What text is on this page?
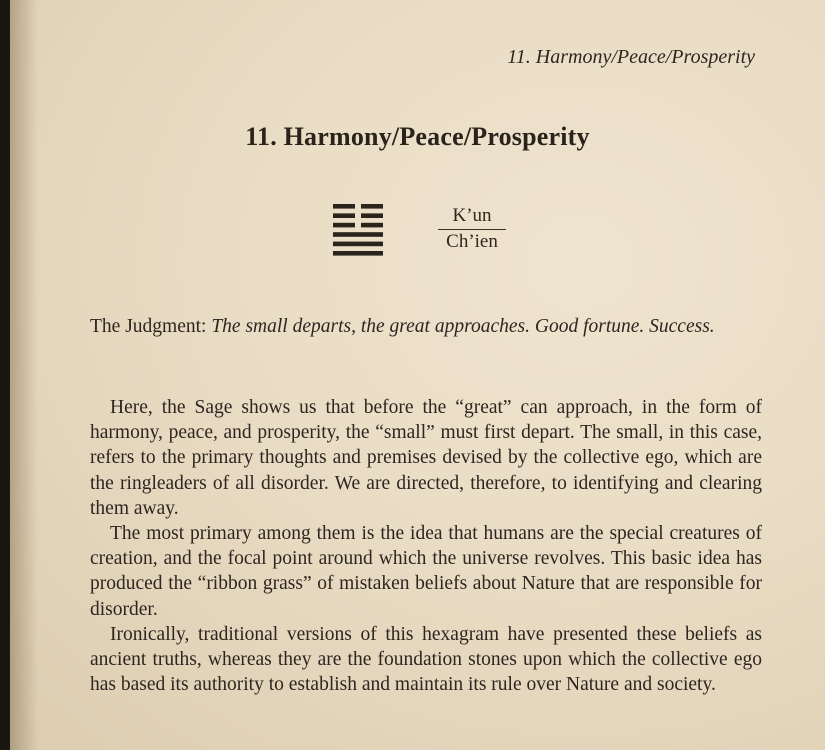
11. Harmony/Peace/Prosperity
11. Harmony/Peace/Prosperity
K’un
Ch’ien

The Judgment: The small departs, the great approaches. Good fortune. Success.

Here, the Sage shows us that before the “great” can approach, in the form of harmony, peace, and prosperity, the “small” must first depart. The small, in this case, refers to the primary thoughts and premises devised by the collective ego, which are the ringleaders of all disorder. We are directed, therefore, to identifying and clearing them away.

The most primary among them is the idea that humans are the special creatures of creation, and the focal point around which the universe revolves. This basic idea has produced the “ribbon grass” of mistaken beliefs about Nature that are responsible for disorder.

Ironically, traditional versions of this hexagram have presented these beliefs as ancient truths, whereas they are the foundation stones upon which the collective ego has based its authority to establish and maintain its rule over Nature and society.
